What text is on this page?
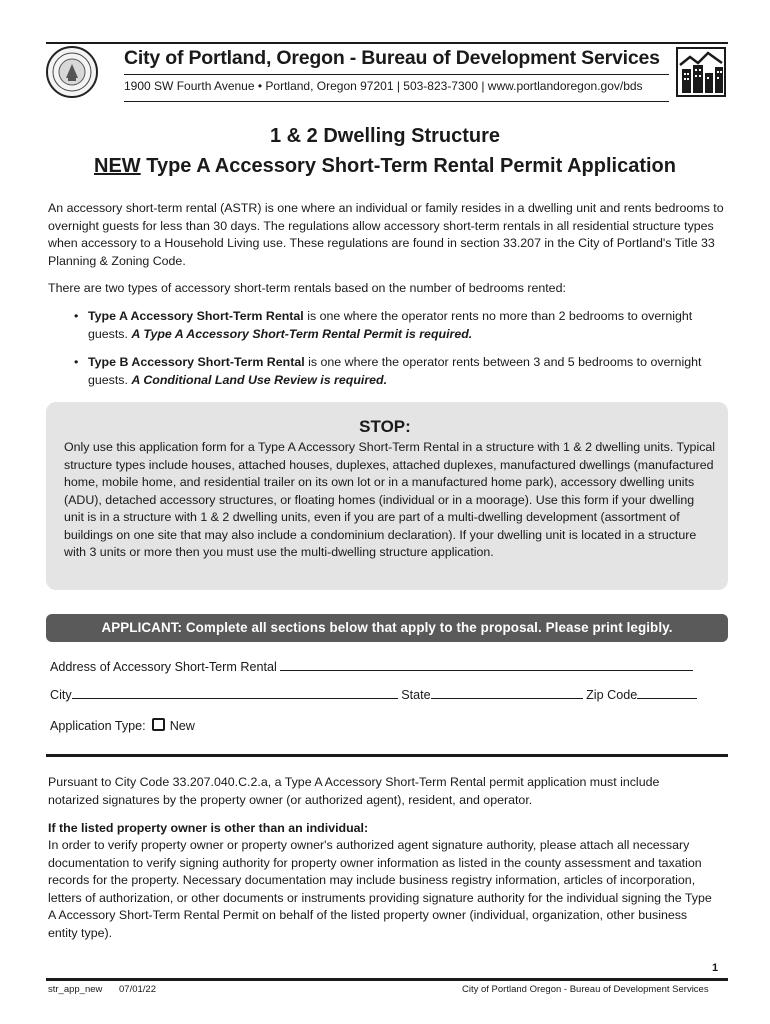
City of Portland, Oregon - Bureau of Development Services
1900 SW Fourth Avenue • Portland, Oregon 97201 | 503-823-7300 | www.portlandoregon.gov/bds
1 & 2 Dwelling Structure
NEW Type A Accessory Short-Term Rental Permit Application
An accessory short-term rental (ASTR) is one where an individual or family resides in a dwelling unit and rents bedrooms to overnight guests for less than 30 days. The regulations allow accessory short-term rentals in all residential structure types when accessory to a Household Living use. These regulations are found in section 33.207 in the City of Portland's Title 33 Planning & Zoning Code.
There are two types of accessory short-term rentals based on the number of bedrooms rented:
• Type A Accessory Short-Term Rental is one where the operator rents no more than 2 bedrooms to overnight guests. A Type A Accessory Short-Term Rental Permit is required.
• Type B Accessory Short-Term Rental is one where the operator rents between 3 and 5 bedrooms to overnight guests. A Conditional Land Use Review is required.
STOP:
Only use this application form for a Type A Accessory Short-Term Rental in a structure with 1 & 2 dwelling units. Typical structure types include houses, attached houses, duplexes, attached duplexes, manufactured dwellings (manufactured home, mobile home, and residential trailer on its own lot or in a manufactured home park), accessory dwelling units (ADU), detached accessory structures, or floating homes (individual or in a moorage). Use this form if your dwelling unit is in a structure with 1 & 2 dwelling units, even if you are part of a multi-dwelling development (assortment of buildings on one site that may also include a condominium declaration). If your dwelling unit is located in a structure with 3 units or more then you must use the multi-dwelling structure application.
APPLICANT: Complete all sections below that apply to the proposal. Please print legibly.
Address of Accessory Short-Term Rental
City	State	Zip Code
Application Type: New
Pursuant to City Code 33.207.040.C.2.a, a Type A Accessory Short-Term Rental permit application must include notarized signatures by the property owner (or authorized agent), resident, and operator.
If the listed property owner is other than an individual:
In order to verify property owner or property owner's authorized agent signature authority, please attach all necessary documentation to verify signing authority for property owner information as listed in the county assessment and taxation records for the property. Necessary documentation may include business registry information, articles of incorporation, letters of authorization, or other documents or instruments providing signature authority for the individual signing the Type A Accessory Short-Term Rental Permit on behalf of the listed property owner (individual, organization, other business entity type).
1
str_app_new 07/01/22	City of Portland Oregon - Bureau of Development Services
